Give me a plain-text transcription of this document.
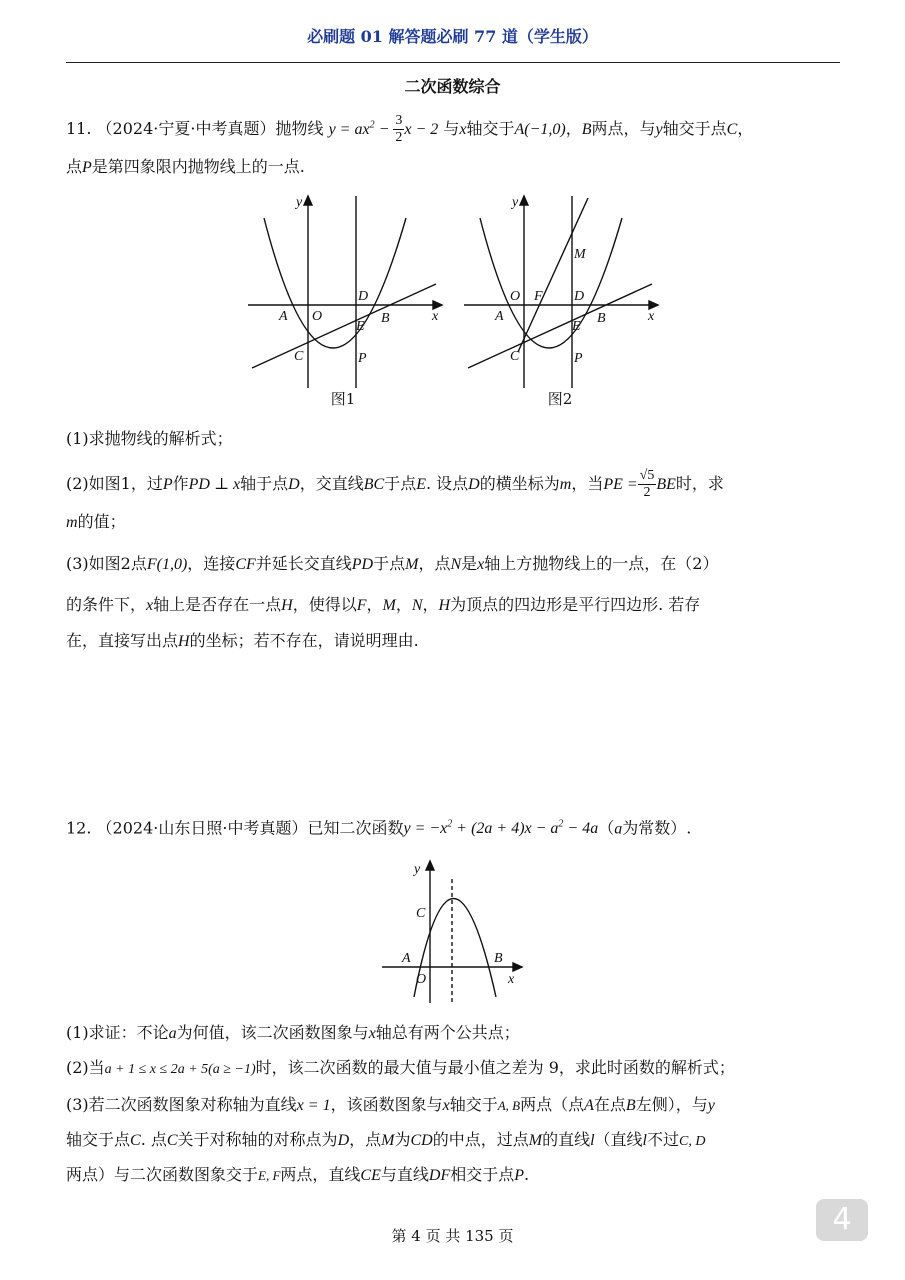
必刷题 01 解答题必刷 77 道（学生版）
二次函数综合
11. （2024·宁夏·中考真题）抛物线 $y = ax^2 - \frac{3}{2}$ x − 2 与x轴交于A(−1,0)，B两点，与y轴交于点C，
点P是第四象限内抛物线上的一点.
y
x
A O
D
E
B
C	P
图1
y
x
M
O F D
A
E
B
C	P
图2
(1)求抛物线的解析式；
(2)如图1，过P作PD ⊥ x轴于点D，交直线BC于点E. 设点D的横坐标为m，当PE = $\frac{√5}{2}$ BE时，求
m的值；
(3)如图2点F(1,0)，连接CF并延长交直线PD于点M，点N是x轴上方抛物线上的一点，在（2）
的条件下，x轴上是否存在一点H，使得以F，M，N，H为顶点的四边形是平行四边形. 若存
在，直接写出点H的坐标；若不存在，请说明理由.
12. （2024·山东日照·中考真题）已知二次函数$y = -x^2 + (2a + 4)x - a^2 - 4a(a$为常数）.
y
x
C
A
O
B
(1)求证：不论a为何值，该二次函数图象与x轴总有两个公共点；
(2)当a + 1 ≤ x ≤ 2a + 5(a ≥ −1)时，该二次函数的最大值与最小值之差为 9，求此时函数的解析式；
(3)若二次函数图象对称轴为直线x = 1，该函数图象与x轴交于A, B两点（点A在点B左侧），与y
轴交于点C. 点C关于对称轴的对称点为D，点M为CD的中点，过点M的直线l（直线l不过C, D
两点）与二次函数图象交于E, F两点，直线CE与直线DF相交于点P.
4
第 4 页 共 135 页
